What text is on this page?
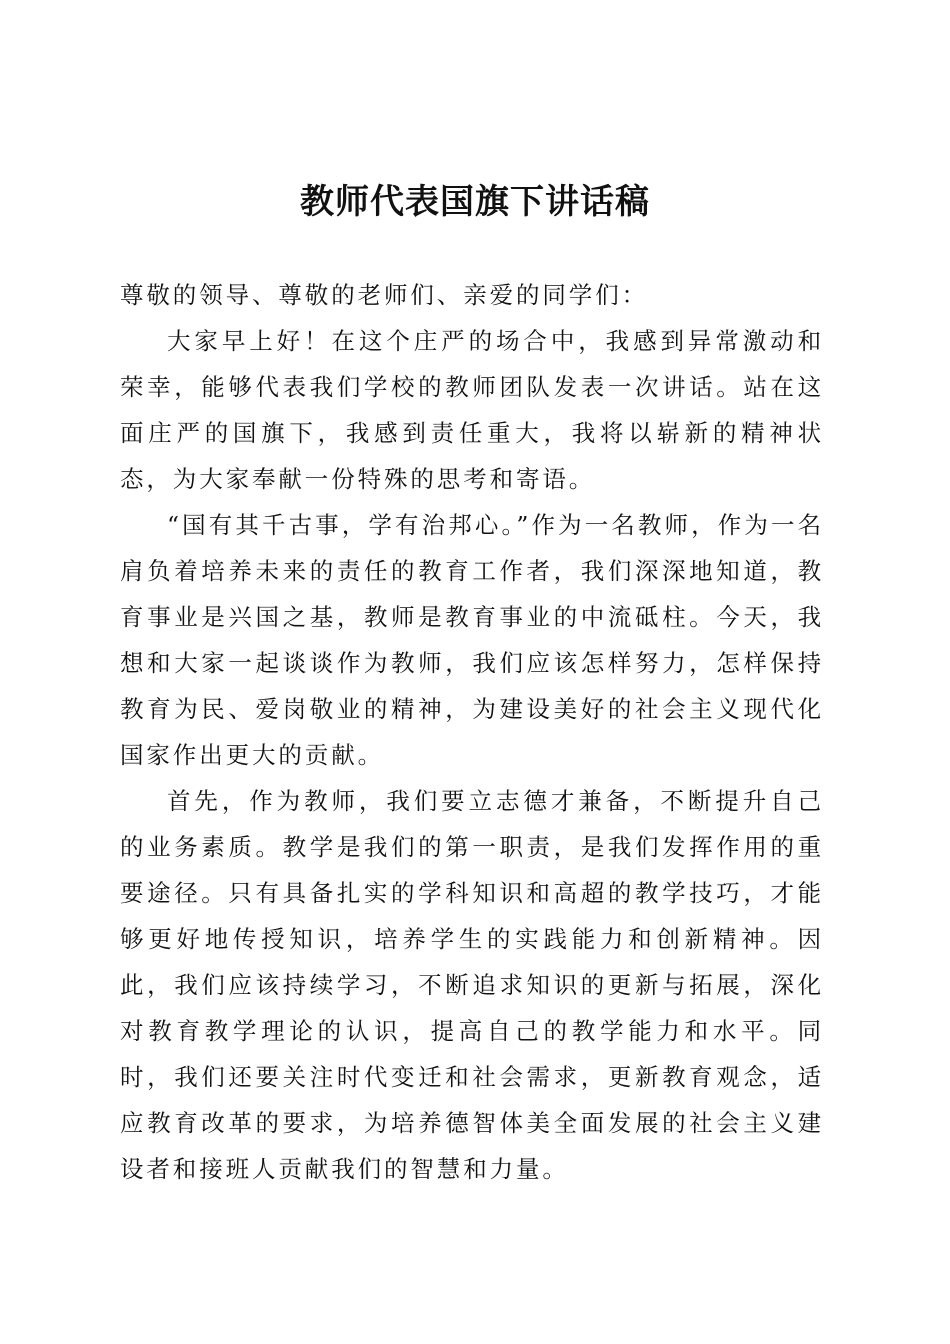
教师代表国旗下讲话稿

尊敬的领导、尊敬的老师们、亲爱的同学们：

大家早上好！在这个庄严的场合中，我感到异常激动和荣幸，能够代表我们学校的教师团队发表一次讲话。站在这面庄严的国旗下，我感到责任重大，我将以崭新的精神状态，为大家奉献一份特殊的思考和寄语。

“国有其千古事，学有治邦心。”作为一名教师，作为一名肩负着培养未来的责任的教育工作者，我们深深地知道，教育事业是兴国之基，教师是教育事业的中流砥柱。今天，我想和大家一起谈谈作为教师，我们应该怎样努力，怎样保持教育为民、爱岗敬业的精神，为建设美好的社会主义现代化国家作出更大的贡献。

首先，作为教师，我们要立志德才兼备，不断提升自己的业务素质。教学是我们的第一职责，是我们发挥作用的重要途径。只有具备扎实的学科知识和高超的教学技巧，才能够更好地传授知识，培养学生的实践能力和创新精神。因此，我们应该持续学习，不断追求知识的更新与拓展，深化对教育教学理论的认识，提高自己的教学能力和水平。同时，我们还要关注时代变迁和社会需求，更新教育观念，适应教育改革的要求，为培养德智体美全面发展的社会主义建设者和接班人贡献我们的智慧和力量。
